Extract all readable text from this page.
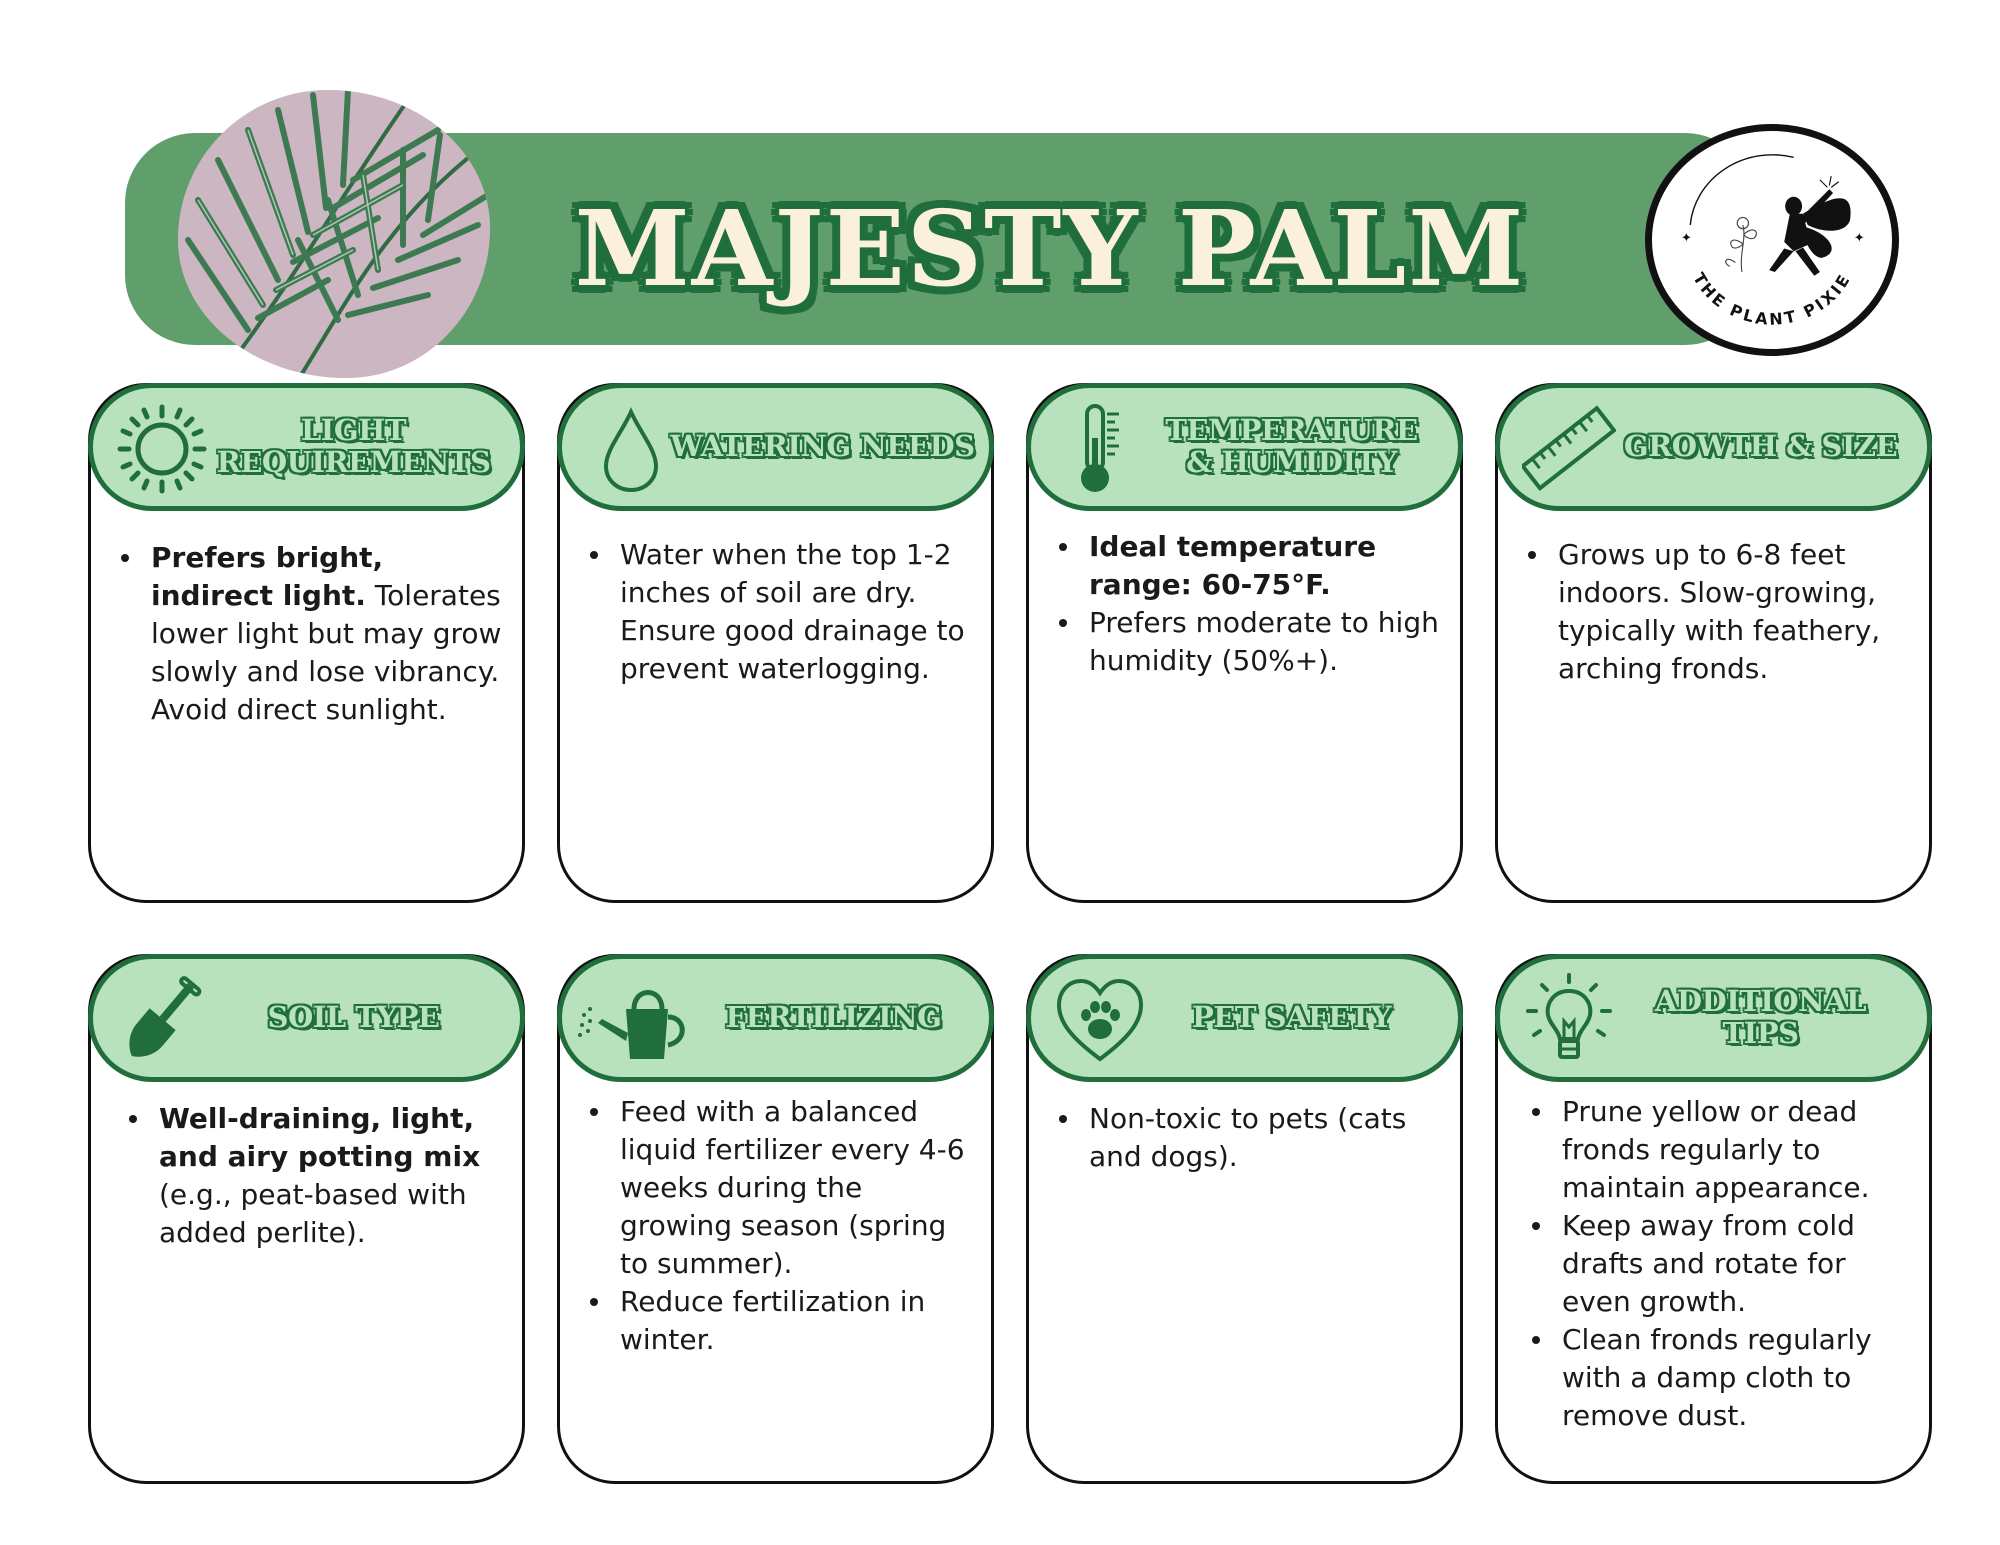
MAJESTY PALM	THE PLANT PIXIE
✦	✦
LIGHT REQUIREMENTS
Prefers bright, indirect light. Tolerates lower light but may grow slowly and lose vibrancy. Avoid direct sunlight.
WATERING NEEDS
Water when the top 1-2 inches of soil are dry. Ensure good drainage to prevent waterlogging.
TEMPERATURE & HUMIDITY
Ideal temperature range: 60-75°F.
Prefers moderate to high humidity (50%+).
GROWTH & SIZE
Grows up to 6-8 feet indoors. Slow-growing, typically with feathery, arching fronds.
SOIL TYPE
Well-draining, light, and airy potting mix (e.g., peat-based with added perlite).
FERTILIZING
Feed with a balanced liquid fertilizer every 4-6 weeks during the growing season (spring to summer).
Reduce fertilization in winter.
PET SAFETY
Non-toxic to pets (cats and dogs).
ADDITIONAL TIPS
Prune yellow or dead fronds regularly to maintain appearance.
Keep away from cold drafts and rotate for even growth.
Clean fronds regularly with a damp cloth to remove dust.
